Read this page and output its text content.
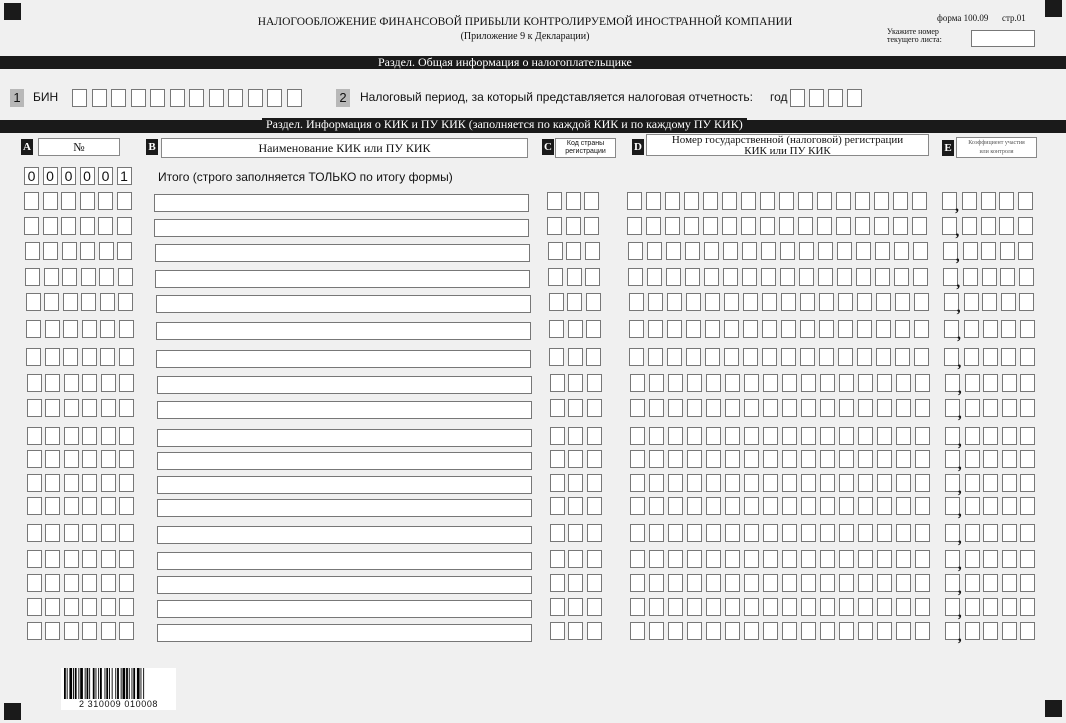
НАЛОГООБЛОЖЕНИЕ ФИНАНСОВОЙ ПРИБЫЛИ КОНТРОЛИРУЕМОЙ ИНОСТРАННОЙ КОМПАНИИ
(Приложение 9 к Декларации)
форма 100.09 стр.01
Укажите номер
текущего листа:
Раздел. Общая информация о налогоплательщике
1 БИН	2 Налоговый период, за который представляется налоговая отчетность: год
Раздел. Информация о КИК и ПУ КИК (заполняется по каждой КИК и по каждому ПУ КИК)
A	№	B	Наименование КИК или ПУ КИК	C	Код страны
регистрации	D
Номер государственной (налоговой) регистрации
КИК или ПУ КИК	E	Коэффициент участия
или контроля
0 0 0 0 0 1	Итого (строго заполняется ТОЛЬКО по итогу формы)
,
,
,
,
,
,
,
,
,
,
,
,
,
,
,
,
,
,
2 310009 010008
